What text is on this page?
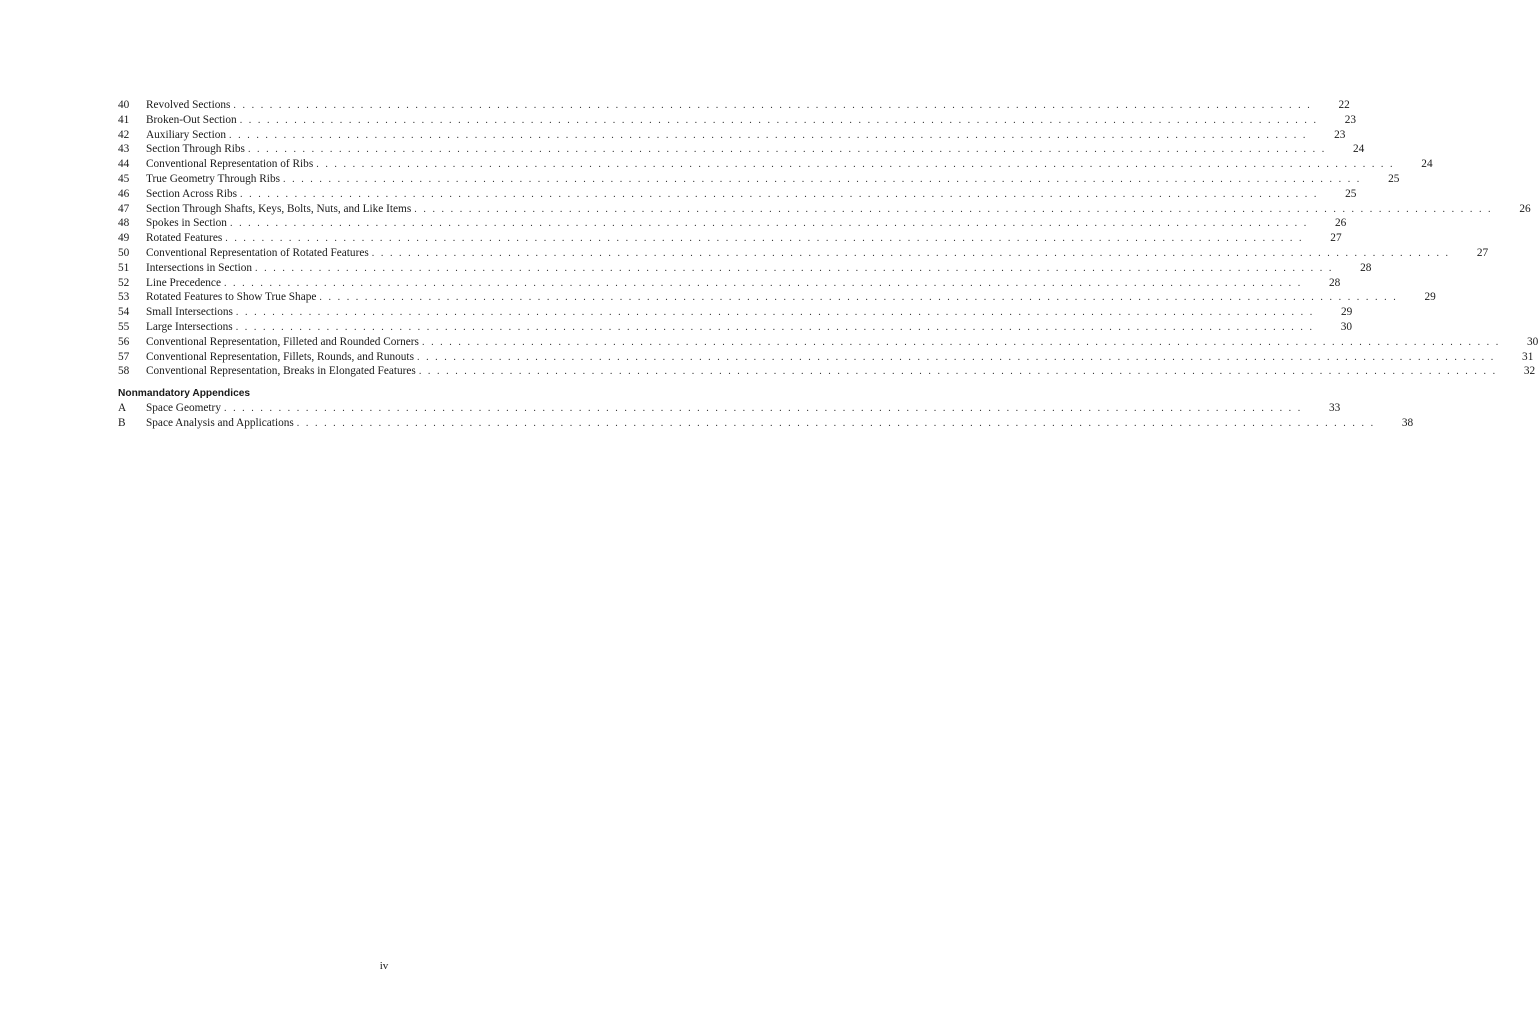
40	Revolved Sections . . .	22
41	Broken-Out Section . . .	23
42	Auxiliary Section . . .	23
43	Section Through Ribs . . .	24
44	Conventional Representation of Ribs . . .	24
45	True Geometry Through Ribs . . .	25
46	Section Across Ribs . . .	25
47	Section Through Shafts, Keys, Bolts, Nuts, and Like Items . . .	26
48	Spokes in Section . . .	26
49	Rotated Features . . .	27
50	Conventional Representation of Rotated Features . . .	27
51	Intersections in Section . . .	28
52	Line Precedence . . .	28
53	Rotated Features to Show True Shape . . .	29
54	Small Intersections . . .	29
55	Large Intersections . . .	30
56	Conventional Representation, Filleted and Rounded Corners . . .	30
57	Conventional Representation, Fillets, Rounds, and Runouts . . .	31
58	Conventional Representation, Breaks in Elongated Features . . .	32
Nonmandatory Appendices
A	Space Geometry . . .	33
B	Space Analysis and Applications . . .	38
iv
